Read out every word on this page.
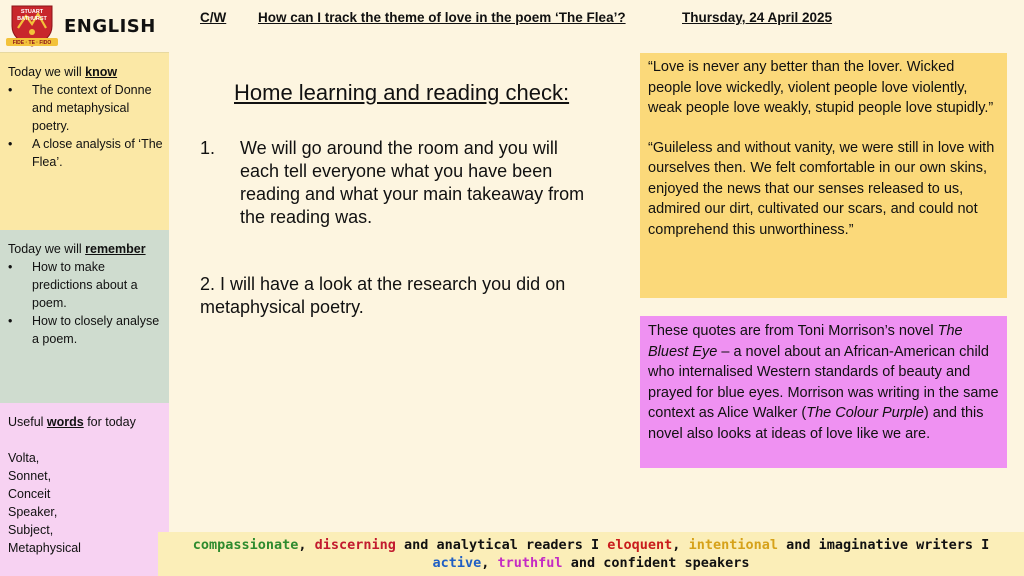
STUART
BATHURST
FIDE · TE · FIDO
ENGLISH
Today we will know
• The context of Donne and metaphysical poetry.
• A close analysis of ‘The Flea’.
Today we will remember
• How to make predictions about a poem.
• How to closely analyse a poem.
Useful words for today
Volta,
Sonnet,
Conceit
Speaker,
Subject,
Metaphysical
C/W How can I track the theme of love in the poem ‘The Flea’?	Thursday, 24 April 2025
Home learning and reading check:
1. We will go around the room and you will each tell everyone what you have been reading and what your main takeaway from the reading was.
2. I will have a look at the research you did on metaphysical poetry.

“Love is never any better than the lover. Wicked people love wickedly, violent people love violently, weak people love weakly, stupid people love stupidly.”

“Guileless and without vanity, we were still in love with ourselves then. We felt comfortable in our own skins, enjoyed the news that our senses released to us, admired our dirt, cultivated our scars, and could not comprehend this unworthiness.”

These quotes are from Toni Morrison’s novel The Bluest Eye – a novel about an African-American child who internalised Western standards of beauty and prayed for blue eyes. Morrison was writing in the same context as Alice Walker (The Colour Purple) and this novel also looks at ideas of love like we are.
compassionate, discerning and analytical readers I eloquent, intentional and imaginative writers I
active, truthful and confident speakers
